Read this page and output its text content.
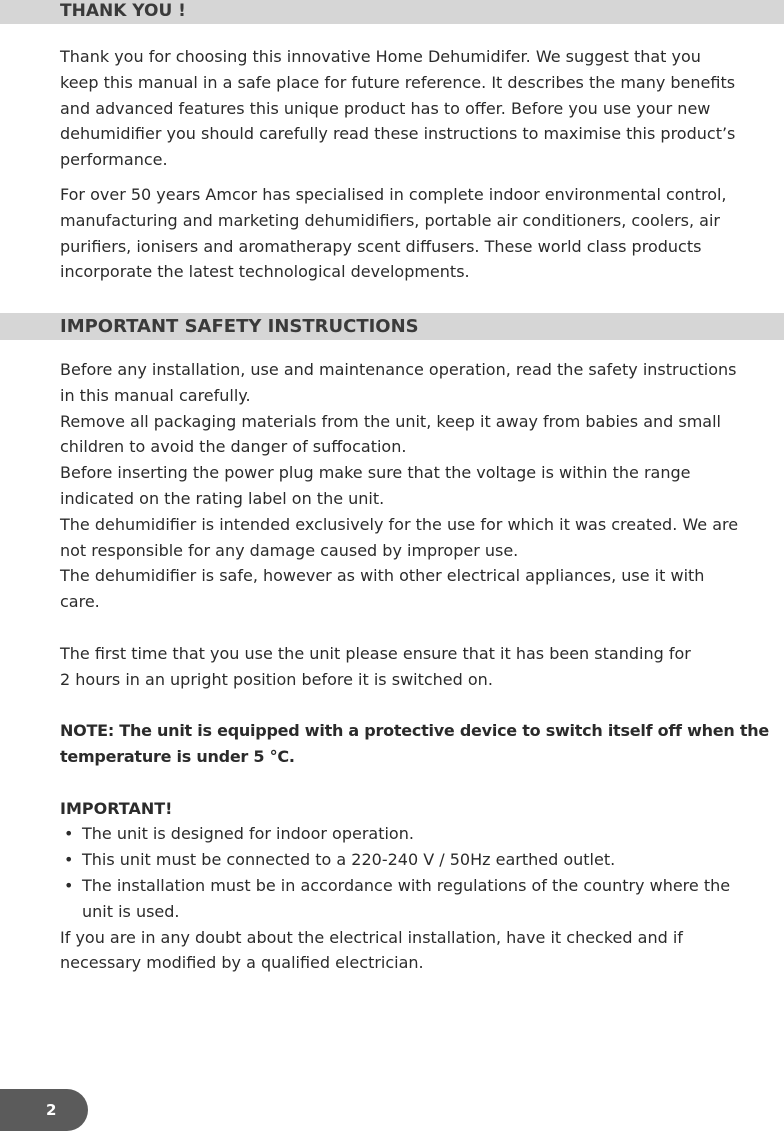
THANK YOU !

Thank you for choosing this innovative Home Dehumidifer. We suggest that you

keep this manual in a safe place for future reference. It describes the many benefits

and advanced features this unique product has to offer. Before you use your new

dehumidifier you should carefully read these instructions to maximise this product’s

performance.

For over 50 years Amcor has specialised in complete indoor environmental control,

manufacturing and marketing dehumidifiers, portable air conditioners, coolers, air

purifiers, ionisers and aromatherapy scent diffusers. These world class products

incorporate the latest technological developments.

IMPORTANT SAFETY INSTRUCTIONS

Before any installation, use and maintenance operation, read the safety instructions

in this manual carefully.

Remove all packaging materials from the unit, keep it away from babies and small

children to avoid the danger of suffocation.

Before inserting the power plug make sure that the voltage is within the range

indicated on the rating label on the unit.

The dehumidifier is intended exclusively for the use for which it was created. We are

not responsible for any damage caused by improper use.

The dehumidifier is safe, however as with other electrical appliances, use it with

care.

The first time that you use the unit please ensure that it has been standing for

2 hours in an upright position before it is switched on.

NOTE: The unit is equipped with a protective device to switch itself off when the

temperature is under 5 °C.

IMPORTANT!

• The unit is designed for indoor operation.
• This unit must be connected to a 220-240 V / 50Hz earthed outlet.
• The installation must be in accordance with regulations of the country where the
unit is used.

If you are in any doubt about the electrical installation, have it checked and if

necessary modified by a qualified electrician.

2
